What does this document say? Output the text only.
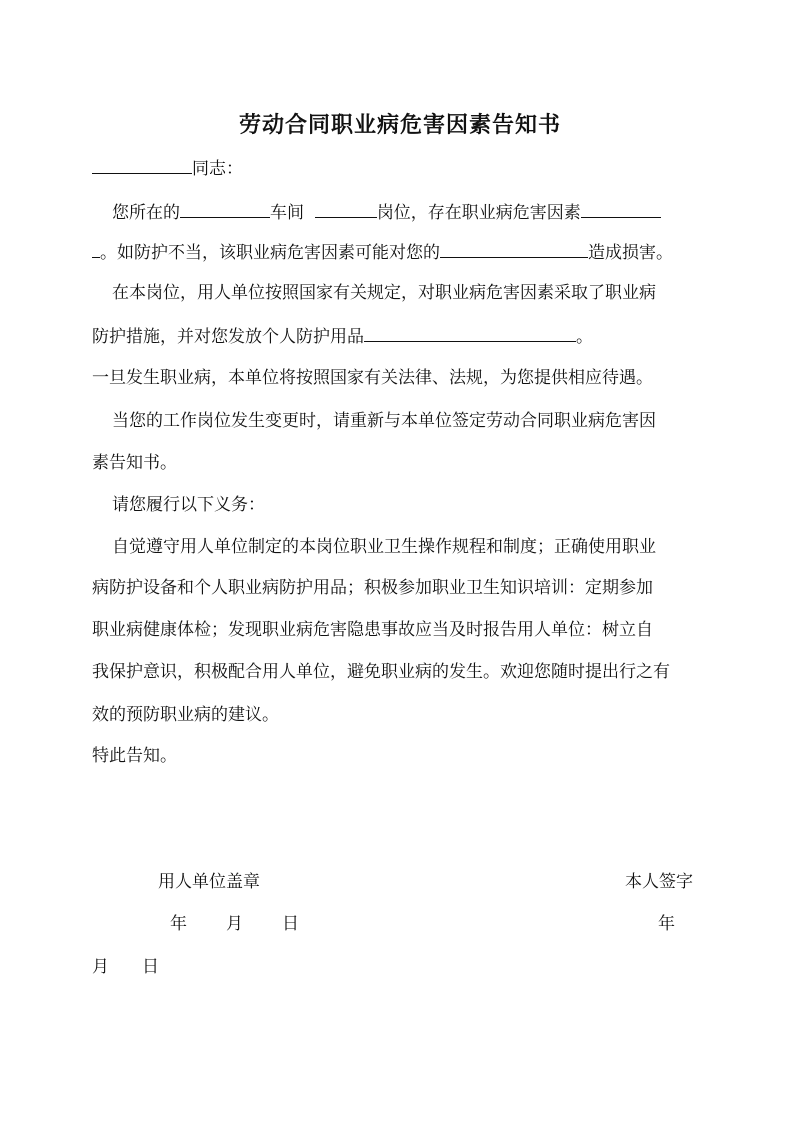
劳动合同职业病危害因素告知书
同志：
您所在的	车间	岗位，存在职业病危害因素
。如防护不当，该职业病危害因素可能对您的	造成损害。
在本岗位，用人单位按照国家有关规定，对职业病危害因素采取了职业病
防护措施，并对您发放个人防护用品	。
一旦发生职业病，本单位将按照国家有关法律、法规，为您提供相应待遇。
当您的工作岗位发生变更时，请重新与本单位签定劳动合同职业病危害因
素告知书。
请您履行以下义务：
自觉遵守用人单位制定的本岗位职业卫生操作规程和制度；正确使用职业
病防护设备和个人职业病防护用品；积极参加职业卫生知识培训：定期参加
职业病健康体检；发现职业病危害隐患事故应当及时报告用人单位：树立自
我保护意识，积极配合用人单位，避免职业病的发生。欢迎您随时提出行之有
效的预防职业病的建议。
特此告知。
用人单位盖章	本人签字
年 月 日	年
月 日
